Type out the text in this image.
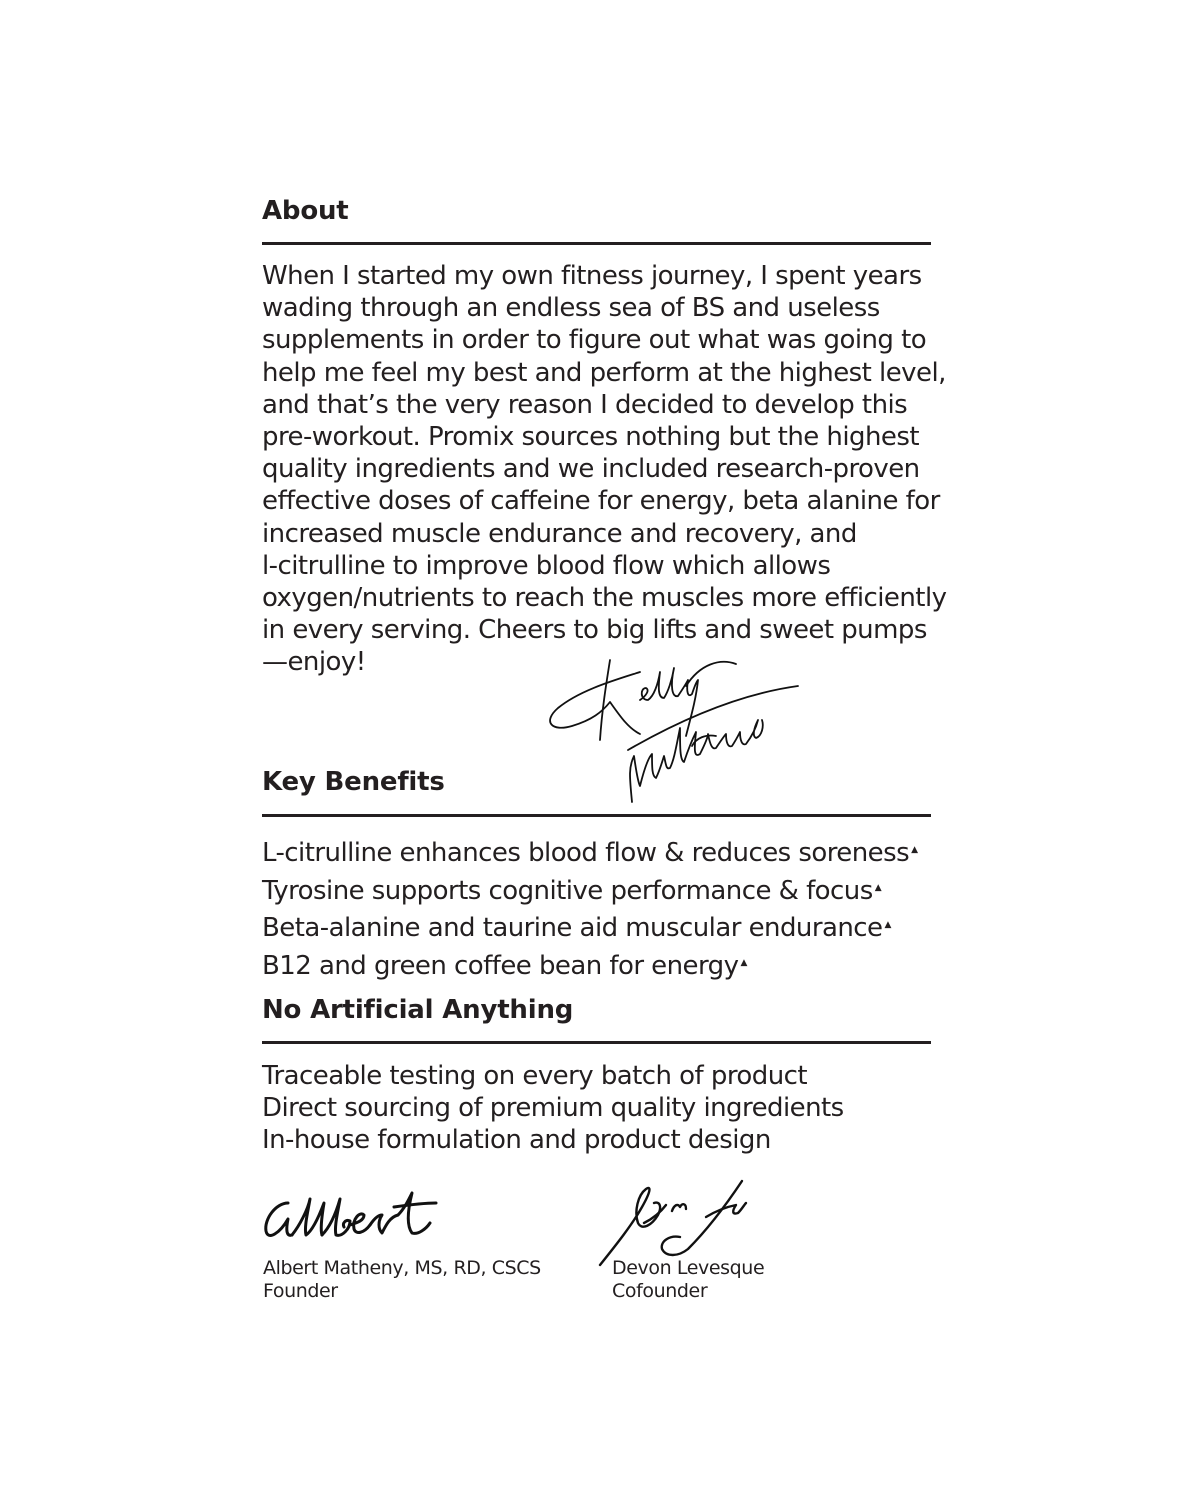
About

When I started my own fitness journey, I spent years
wading through an endless sea of BS and useless
supplements in order to figure out what was going to
help me feel my best and perform at the highest level,
and that’s the very reason I decided to develop this
pre-workout. Promix sources nothing but the highest
quality ingredients and we included research-proven
effective doses of caffeine for energy, beta alanine for
increased muscle endurance and recovery, and
l-citrulline to improve blood flow which allows
oxygen/nutrients to reach the muscles more efficiently
in every serving. Cheers to big lifts and sweet pumps
—enjoy!

Key Benefits
L-citrulline enhances blood flow & reduces soreness ▲
Tyrosine supports cognitive performance & focus ▲
Beta-alanine and taurine aid muscular endurance ▲
B12 and green coffee bean for energy ▲
No Artificial Anything
Traceable testing on every batch of product
Direct sourcing of premium quality ingredients
In-house formulation and product design

Albert Matheny, MS, RD, CSCS
Founder

Devon Levesque
Cofounder
